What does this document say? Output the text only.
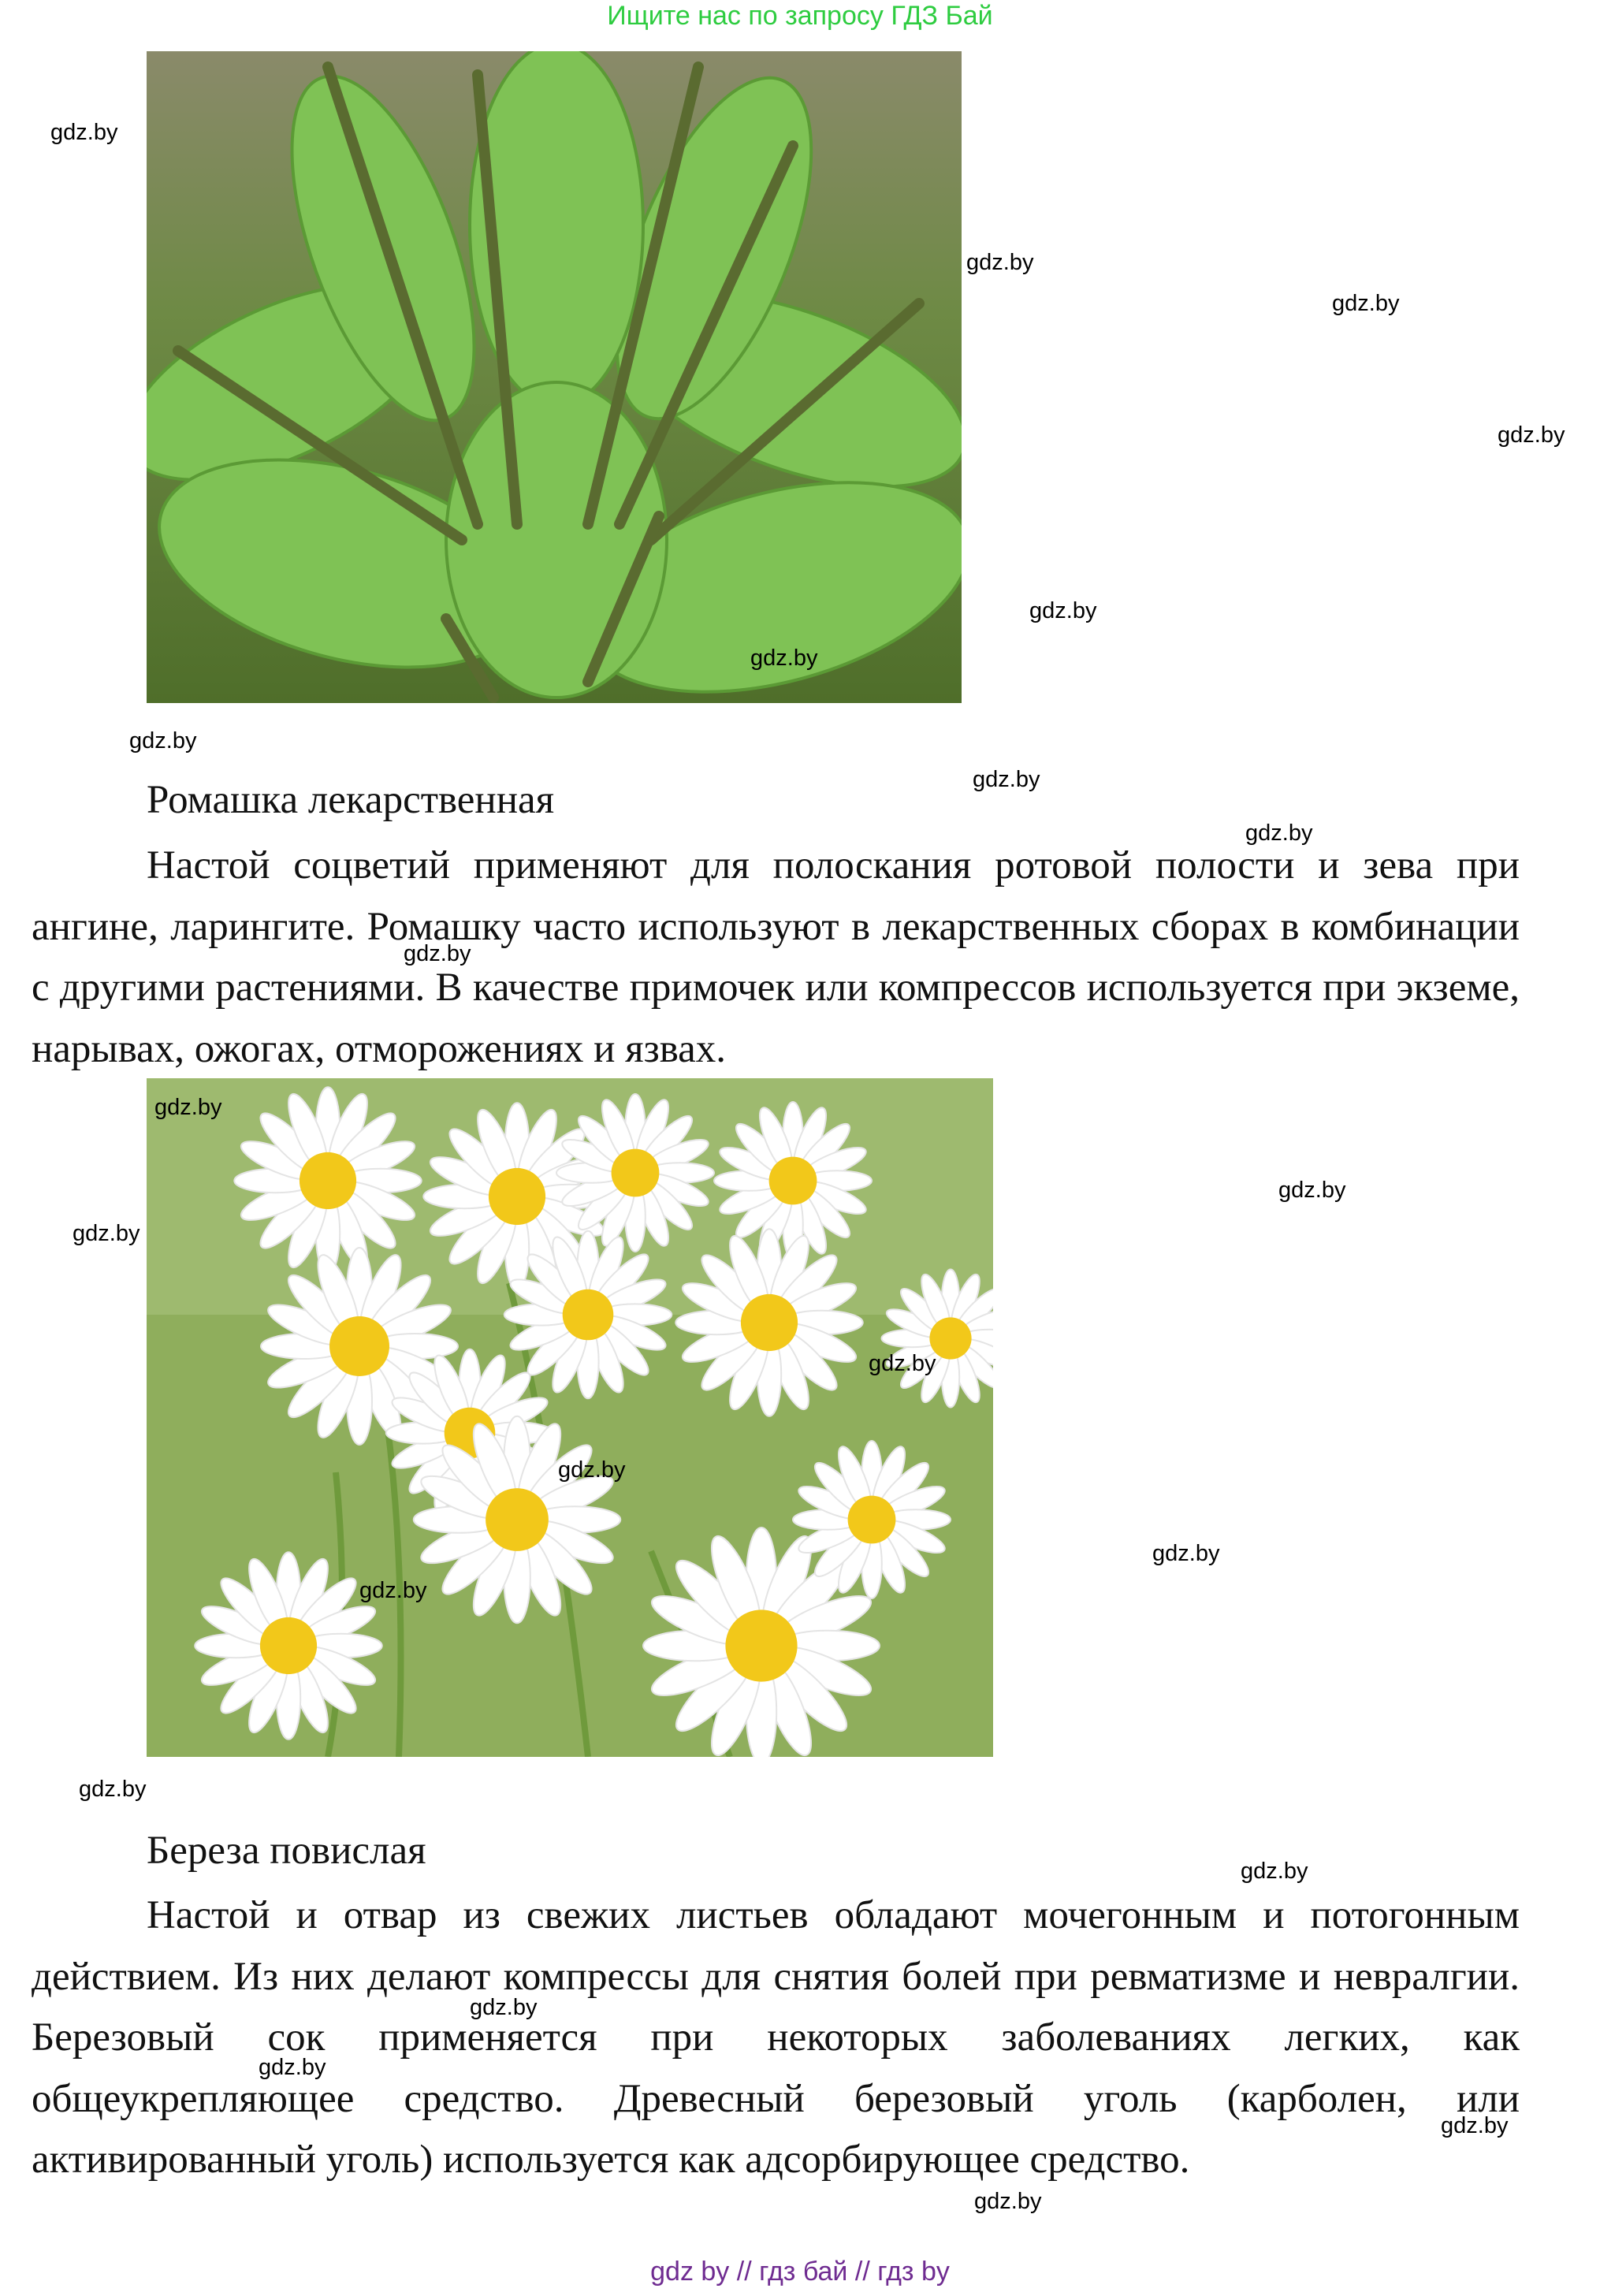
Ищите нас по запросу ГДЗ Бай
Ромашка лекарственная

Настой соцветий применяют для полоскания ротовой полости и зева при ангине, ларингите. Ромашку часто используют в лекарственных сборах в комбинации с другими растениями. В качестве примочек или компрессов используется при экземе, нарывах, ожогах, отморожениях и язвах.

Береза повислая

Настой и отвар из свежих листьев обладают мочегонным и потогонным действием. Из них делают компрессы для снятия болей при ревматизме и невралгии. Березовый сок применяется при некоторых заболеваниях легких, как общеукрепляющее средство. Древесный березовый уголь (карболен, или активированный уголь) используется как адсорбирующее средство.

gdz.by
gdz.by
gdz.by
gdz.by
gdz.by
gdz.by
gdz.by
gdz.by
gdz.by
gdz.by
gdz.by
gdz.by
gdz.by
gdz.by
gdz.by
gdz.by
gdz.by
gdz.by
gdz.by
gdz.by
gdz.by
gdz.by
gdz.by
gdz by // гдз бай // гдз by
